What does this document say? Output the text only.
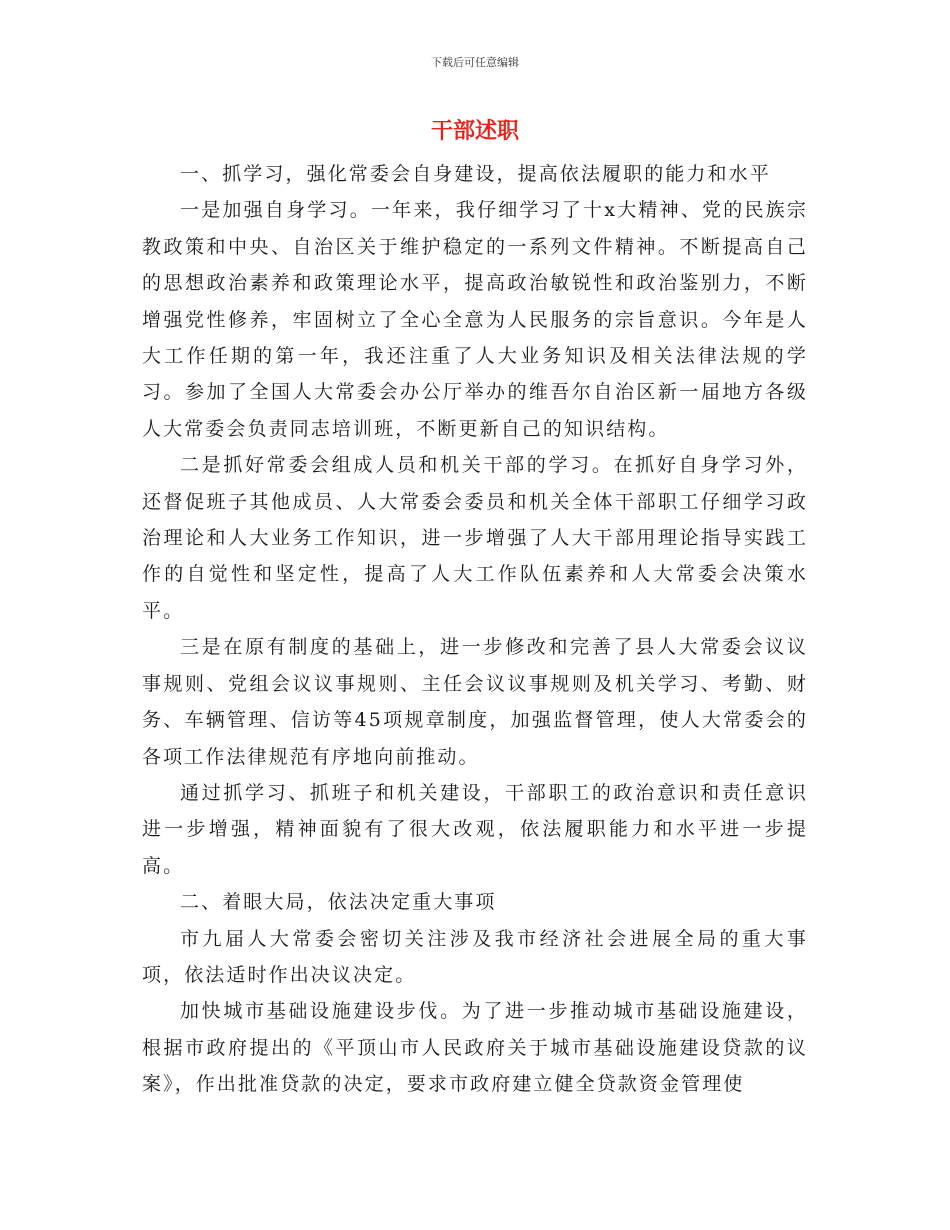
下载后可任意编辑
干部述职

一、抓学习，强化常委会自身建设，提高依法履职的能力和水平

一是加强自身学习。一年来，我仔细学习了十x大精神、党的民族宗教政策和中央、自治区关于维护稳定的一系列文件精神。不断提高自己的思想政治素养和政策理论水平，提高政治敏锐性和政治鉴别力，不断增强党性修养，牢固树立了全心全意为人民服务的宗旨意识。今年是人大工作任期的第一年，我还注重了人大业务知识及相关法律法规的学习。参加了全国人大常委会办公厅举办的维吾尔自治区新一届地方各级人大常委会负责同志培训班，不断更新自己的知识结构。

二是抓好常委会组成人员和机关干部的学习。在抓好自身学习外，还督促班子其他成员、人大常委会委员和机关全体干部职工仔细学习政治理论和人大业务工作知识，进一步增强了人大干部用理论指导实践工作的自觉性和坚定性，提高了人大工作队伍素养和人大常委会决策水平。

三是在原有制度的基础上，进一步修改和完善了县人大常委会议议事规则、党组会议议事规则、主任会议议事规则及机关学习、考勤、财务、车辆管理、信访等45项规章制度，加强监督管理，使人大常委会的各项工作法律规范有序地向前推动。

通过抓学习、抓班子和机关建设，干部职工的政治意识和责任意识进一步增强，精神面貌有了很大改观，依法履职能力和水平进一步提高。

二、着眼大局，依法决定重大事项

市九届人大常委会密切关注涉及我市经济社会进展全局的重大事项，依法适时作出决议决定。

加快城市基础设施建设步伐。为了进一步推动城市基础设施建设，根据市政府提出的《平顶山市人民政府关于城市基础设施建设贷款的议案》，作出批准贷款的决定，要求市政府建立健全贷款资金管理使
